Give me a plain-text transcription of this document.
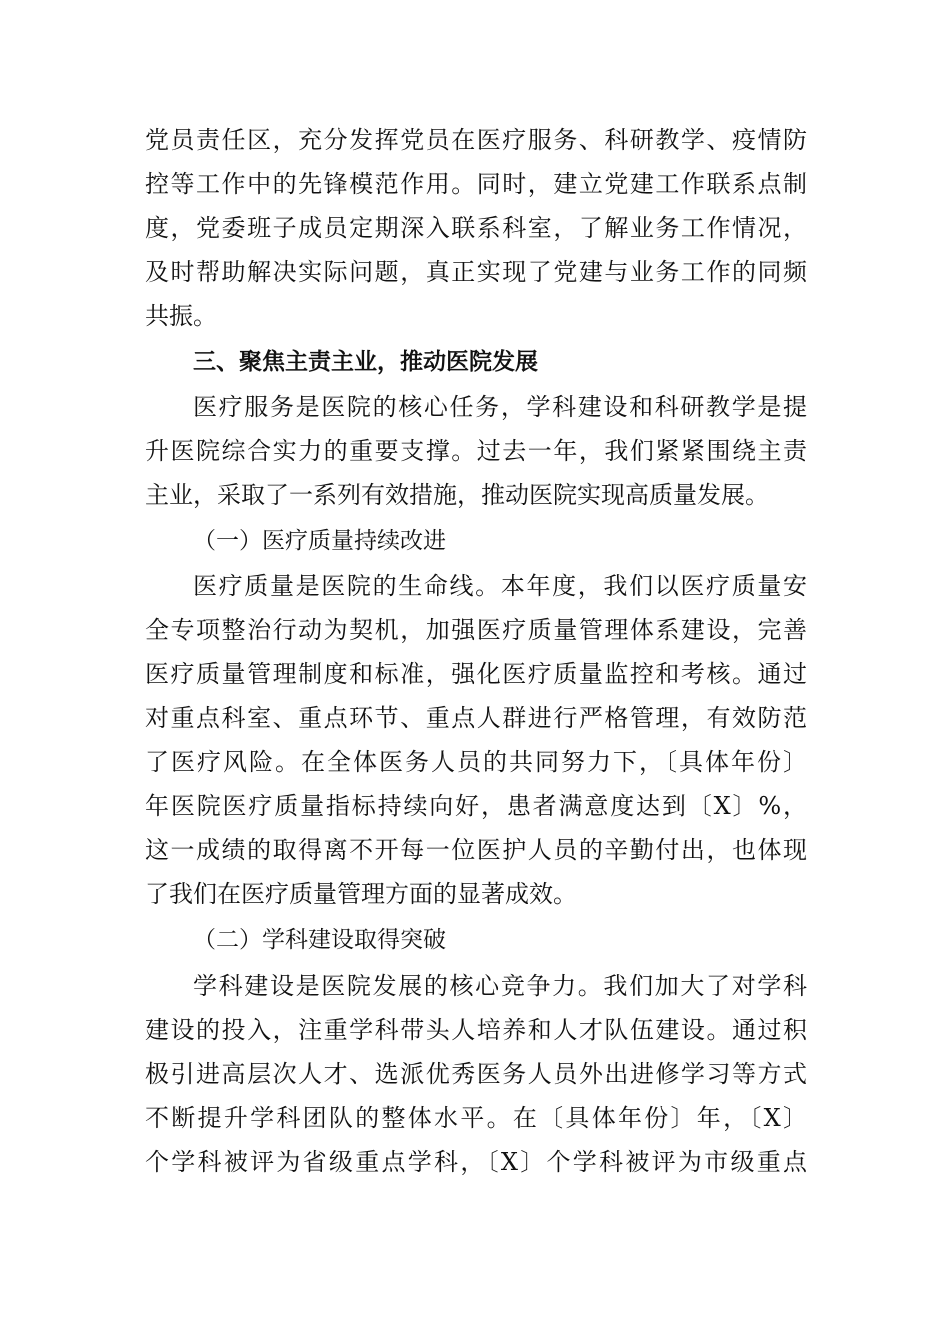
党员责任区，充分发挥党员在医疗服务、科研教学、疫情防
控等工作中的先锋模范作用。同时，建立党建工作联系点制
度，党委班子成员定期深入联系科室，了解业务工作情况，
及时帮助解决实际问题，真正实现了党建与业务工作的同频
共振。
三、聚焦主责主业，推动医院发展
医疗服务是医院的核心任务，学科建设和科研教学是提
升医院综合实力的重要支撑。过去一年，我们紧紧围绕主责
主业，采取了一系列有效措施，推动医院实现高质量发展。
（一）医疗质量持续改进
医疗质量是医院的生命线。本年度，我们以医疗质量安
全专项整治行动为契机，加强医疗质量管理体系建设，完善
医疗质量管理制度和标准，强化医疗质量监控和考核。通过
对重点科室、重点环节、重点人群进行严格管理，有效防范
了医疗风险。在全体医务人员的共同努力下，〔具体年份〕
年医院医疗质量指标持续向好，患者满意度达到〔X〕%，
这一成绩的取得离不开每一位医护人员的辛勤付出，也体现
了我们在医疗质量管理方面的显著成效。
（二）学科建设取得突破
学科建设是医院发展的核心竞争力。我们加大了对学科
建设的投入，注重学科带头人培养和人才队伍建设。通过积
极引进高层次人才、选派优秀医务人员外出进修学习等方式
不断提升学科团队的整体水平。在〔具体年份〕年，〔X〕
个学科被评为省级重点学科，〔X〕个学科被评为市级重点
